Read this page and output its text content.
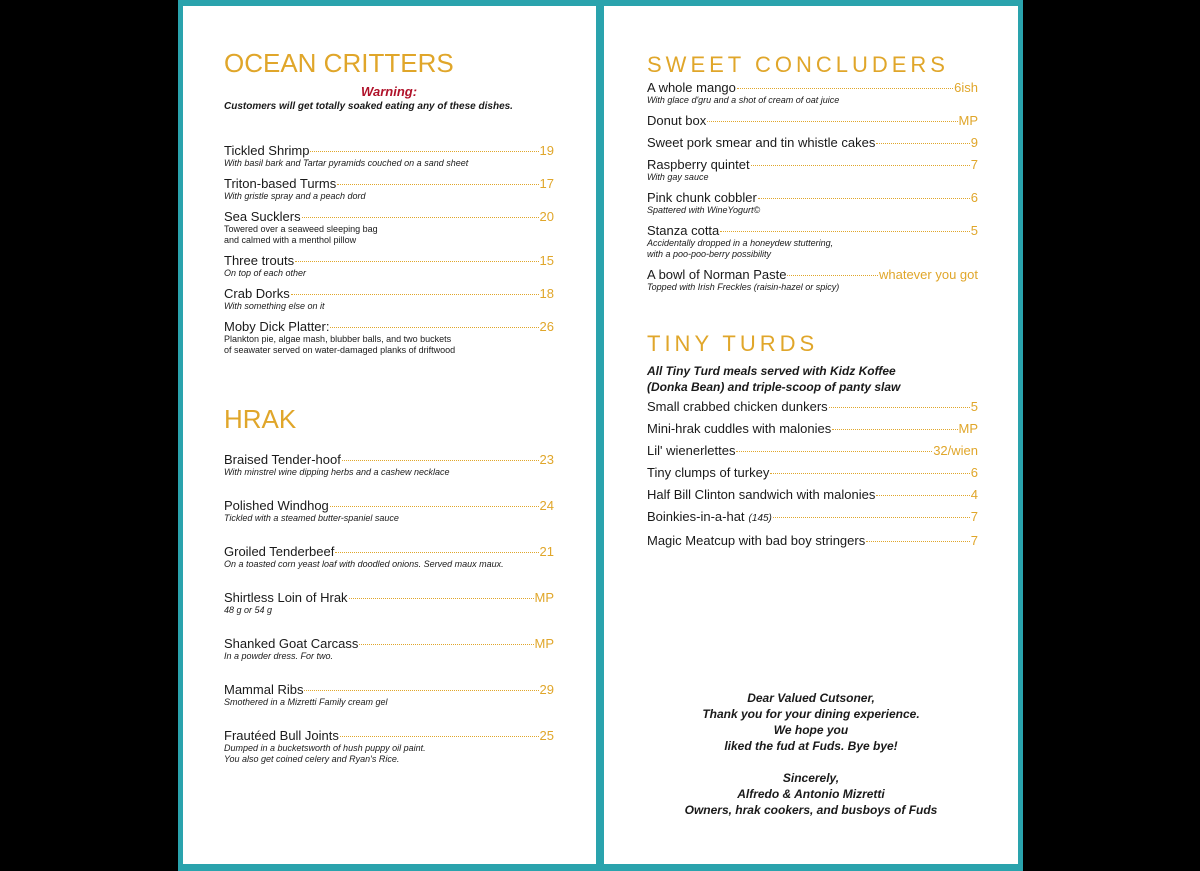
OCEAN CRITTERS

Warning:

Customers will get totally soaked eating any of these dishes.

Tickled Shrimp	19
With basil bark and Tartar pyramids couched on a sand sheet
Triton-based Turms	17
With gristle spray and a peach dord
Sea Sucklers	20
Towered over a seaweed sleeping bag
and calmed with a menthol pillow
Three trouts	15
On top of each other
Crab Dorks	18
With something else on it
Moby Dick Platter:	26
Plankton pie, algae mash, blubber balls, and two buckets
of seawater served on water-damaged planks of driftwood
HRAK
Braised Tender-hoof	23
With minstrel wine dipping herbs and a cashew necklace
Polished Windhog	24
Tickled with a steamed butter-spaniel sauce
Groiled Tenderbeef	21
On a toasted corn yeast loaf with doodled onions. Served maux maux.
Shirtless Loin of Hrak	MP
48 g or 54 g
Shanked Goat Carcass	MP
In a powder dress. For two.
Mammal Ribs	29
Smothered in a Mizretti Family cream gel
Frautéed Bull Joints	25
Dumped in a bucketsworth of hush puppy oil paint.
You also get coined celery and Ryan's Rice.
SWEET CONCLUDERS
A whole mango	6ish
With glace d'gru and a shot of cream of oat juice
Donut box	MP
Sweet pork smear and tin whistle cakes	9
Raspberry quintet	7
With gay sauce
Pink chunk cobbler	6
Spattered with WineYogurt©
Stanza cotta	5
Accidentally dropped in a honeydew stuttering,
with a poo-poo-berry possibility
A bowl of Norman Paste	whatever you got
Topped with Irish Freckles (raisin-hazel or spicy)
TINY TURDS
All Tiny Turd meals served with Kidz Koffee
(Donka Bean) and triple-scoop of panty slaw
Small crabbed chicken dunkers	5
Mini-hrak cuddles with malonies	MP
Lil' wienerlettes	32/wien
Tiny clumps of turkey	6
Half Bill Clinton sandwich with malonies	4
Boinkies-in-a-hat (145)	7
Magic Meatcup with bad boy stringers	7

Dear Valued Cutsoner,

Thank you for your dining experience.

We hope you

liked the fud at Fuds. Bye bye!

Sincerely,

Alfredo & Antonio Mizretti

Owners, hrak cookers, and busboys of Fuds
